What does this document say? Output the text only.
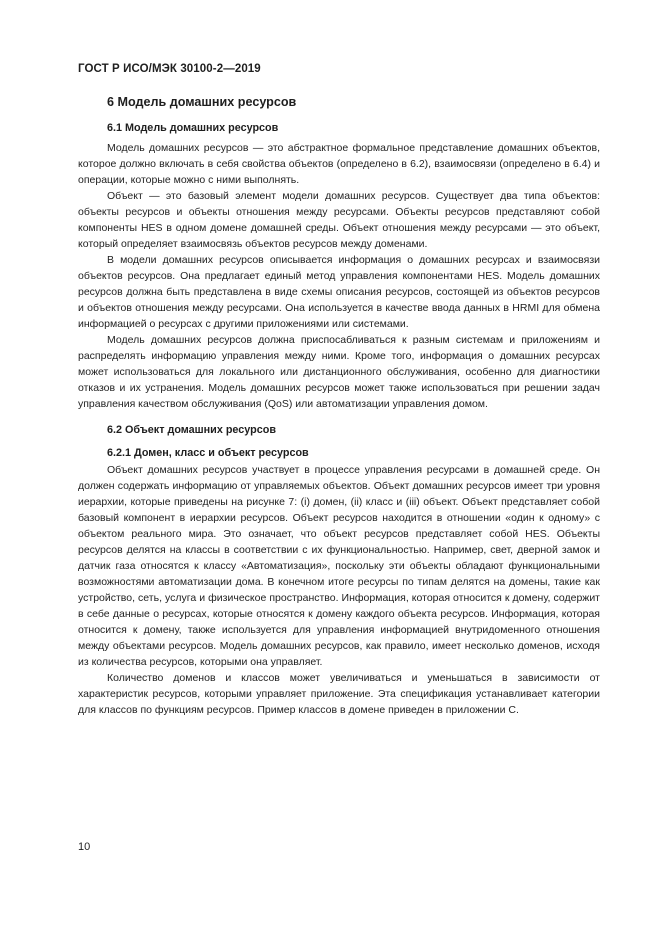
ГОСТ Р ИСО/МЭК 30100-2—2019
6 Модель домашних ресурсов
6.1 Модель домашних ресурсов

Модель домашних ресурсов — это абстрактное формальное представление домашних объектов, которое должно включать в себя свойства объектов (определено в 6.2), взаимосвязи (определено в 6.4) и операции, которые можно с ними выполнять.

Объект — это базовый элемент модели домашних ресурсов. Существует два типа объектов: объекты ресурсов и объекты отношения между ресурсами. Объекты ресурсов представляют собой компоненты HES в одном домене домашней среды. Объект отношения между ресурсами — это объект, который определяет взаимосвязь объектов ресурсов между доменами.

В модели домашних ресурсов описывается информация о домашних ресурсах и взаимосвязи объектов ресурсов. Она предлагает единый метод управления компонентами HES. Модель домашних ресурсов должна быть представлена в виде схемы описания ресурсов, состоящей из объектов ресурсов и объектов отношения между ресурсами. Она используется в качестве ввода данных в HRMI для обмена информацией о ресурсах с другими приложениями или системами.

Модель домашних ресурсов должна приспосабливаться к разным системам и приложениям и распределять информацию управления между ними. Кроме того, информация о домашних ресурсах может использоваться для локального или дистанционного обслуживания, особенно для диагностики отказов и их устранения. Модель домашних ресурсов может также использоваться при решении задач управления качеством обслуживания (QoS) или автоматизации управления домом.

6.2 Объект домашних ресурсов
6.2.1 Домен, класс и объект ресурсов

Объект домашних ресурсов участвует в процессе управления ресурсами в домашней среде. Он должен содержать информацию от управляемых объектов. Объект домашних ресурсов имеет три уровня иерархии, которые приведены на рисунке 7: (i) домен, (ii) класс и (iii) объект. Объект представляет собой базовый компонент в иерархии ресурсов. Объект ресурсов находится в отношении «один к одному» с объектом реального мира. Это означает, что объект ресурсов представляет собой HES. Объекты ресурсов делятся на классы в соответствии с их функциональностью. Например, свет, дверной замок и датчик газа относятся к классу «Автоматизация», поскольку эти объекты обладают функциональными возможностями автоматизации дома. В конечном итоге ресурсы по типам делятся на домены, такие как устройство, сеть, услуга и физическое пространство. Информация, которая относится к домену, содержит в себе данные о ресурсах, которые относятся к домену каждого объекта ресурсов. Информация, которая относится к домену, также используется для управления информацией внутридоменного отношения между объектами ресурсов. Модель домашних ресурсов, как правило, имеет несколько доменов, исходя из количества ресурсов, которыми она управляет.

Количество доменов и классов может увеличиваться и уменьшаться в зависимости от характеристик ресурсов, которыми управляет приложение. Эта спецификация устанавливает категории для классов по функциям ресурсов. Пример классов в домене приведен в приложении С.

10
